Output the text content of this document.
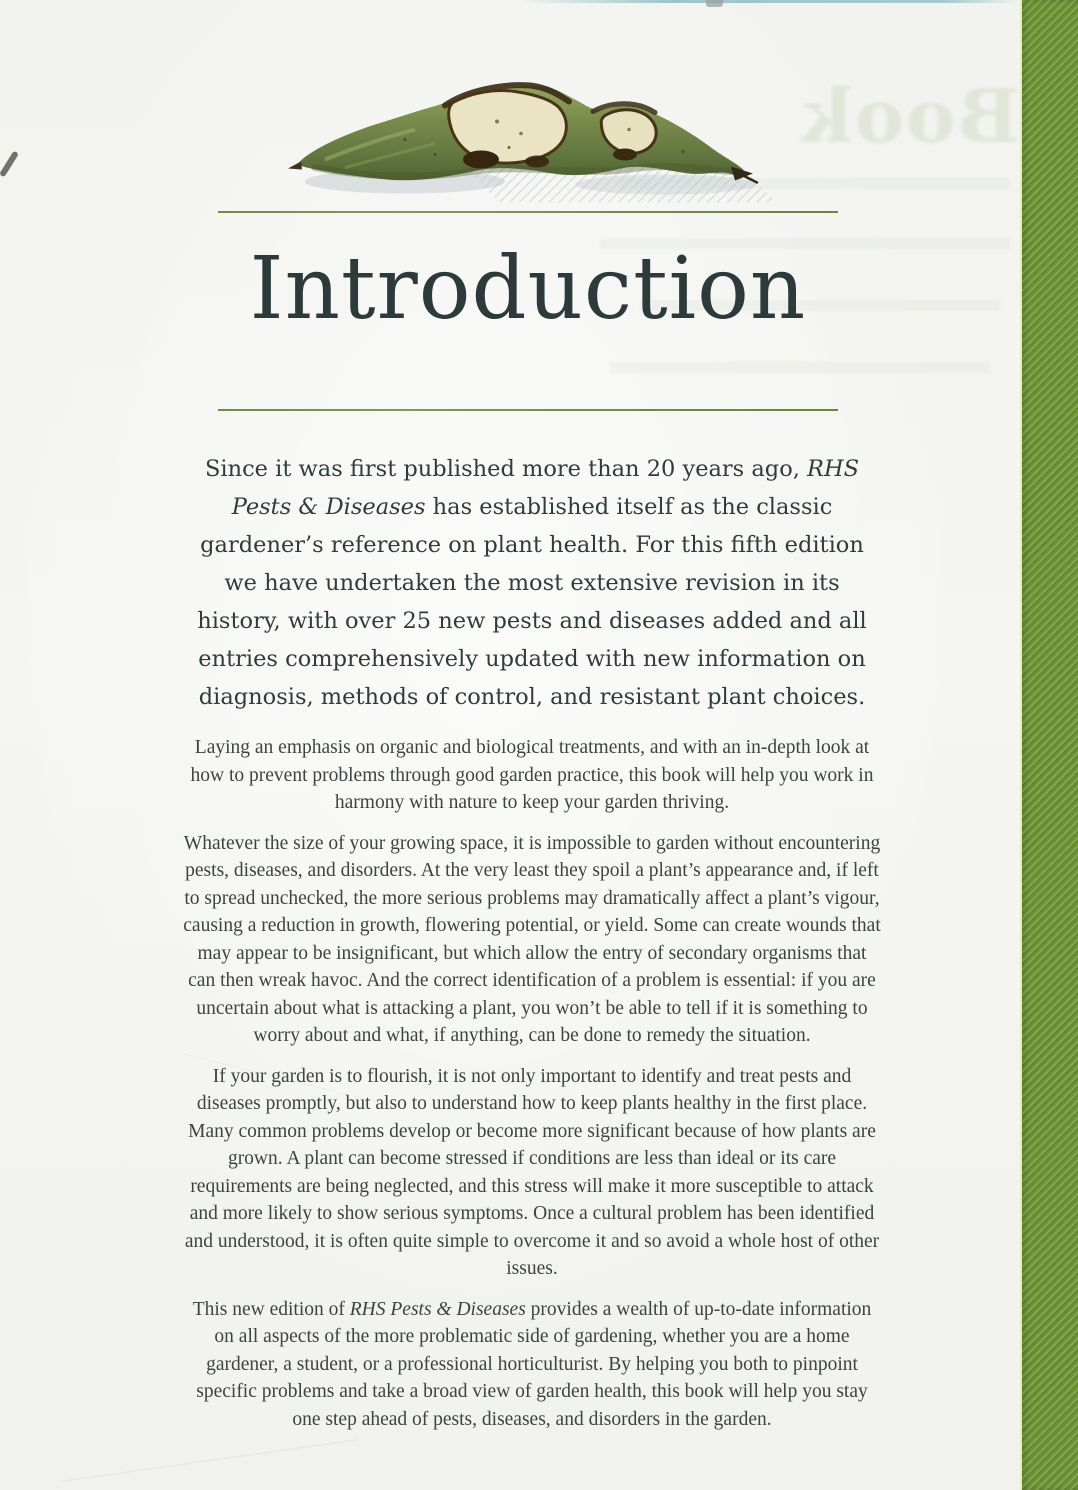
Book
Introduction

Since it was first published more than 20 years ago, RHS Pests & Diseases has established itself as the classic gardener’s reference on plant health. For this fifth edition we have undertaken the most extensive revision in its history, with over 25 new pests and diseases added and all entries comprehensively updated with new information on diagnosis, methods of control, and resistant plant choices.

Laying an emphasis on organic and biological treatments, and with an in-depth look at how to prevent problems through good garden practice, this book will help you work in harmony with nature to keep your garden thriving.

Whatever the size of your growing space, it is impossible to garden without encountering pests, diseases, and disorders. At the very least they spoil a plant’s appearance and, if left to spread unchecked, the more serious problems may dramatically affect a plant’s vigour, causing a reduction in growth, flowering potential, or yield. Some can create wounds that may appear to be insignificant, but which allow the entry of secondary organisms that can then wreak havoc. And the correct identification of a problem is essential: if you are uncertain about what is attacking a plant, you won’t be able to tell if it is something to worry about and what, if anything, can be done to remedy the situation.

If your garden is to flourish, it is not only important to identify and treat pests and diseases promptly, but also to understand how to keep plants healthy in the first place. Many common problems develop or become more significant because of how plants are grown. A plant can become stressed if conditions are less than ideal or its care requirements are being neglected, and this stress will make it more susceptible to attack and more likely to show serious symptoms. Once a cultural problem has been identified and understood, it is often quite simple to overcome it and so avoid a whole host of other issues.

This new edition of RHS Pests & Diseases provides a wealth of up-to-date information on all aspects of the more problematic side of gardening, whether you are a home gardener, a student, or a professional horticulturist. By helping you both to pinpoint specific problems and take a broad view of garden health, this book will help you stay one step ahead of pests, diseases, and disorders in the garden.
